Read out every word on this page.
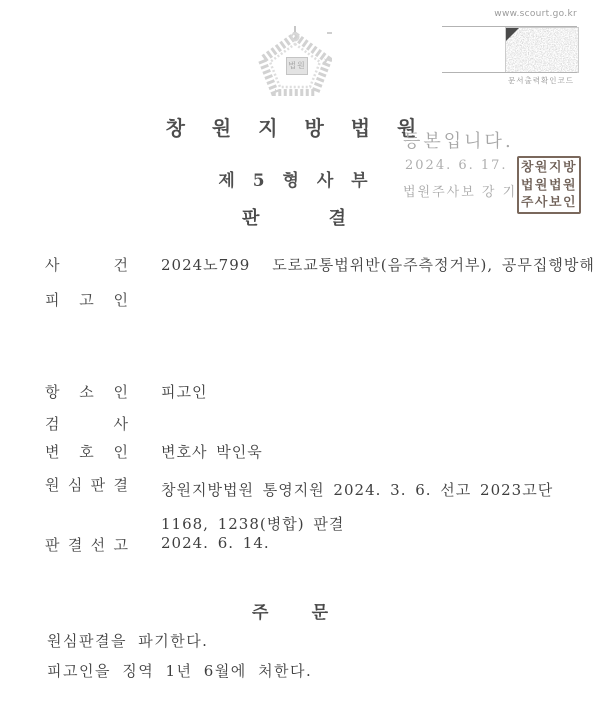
법원
www.scourt.go.kr
문서출력확인코드
창 원 지 방 법 원
제 5 형 사 부
판 결
등본입니다.
2024. 6. 17.
법원주사보 강 기
창원지방
법원법원
주사보인
사 건 2024노799 도로교통법위반(음주측정거부), 공무집행방해
피 고 인
항 소 인 피고인
검 사
변 호 인 변호사 박인욱
원 심 판 결 창원지방법원 통영지원 2024. 3. 6. 선고 2023고단1168, 1238(병합) 판결
판 결 선 고 2024. 6. 14.
주 문
원심판결을 파기한다.
피고인을 징역 1년 6월에 처한다.
